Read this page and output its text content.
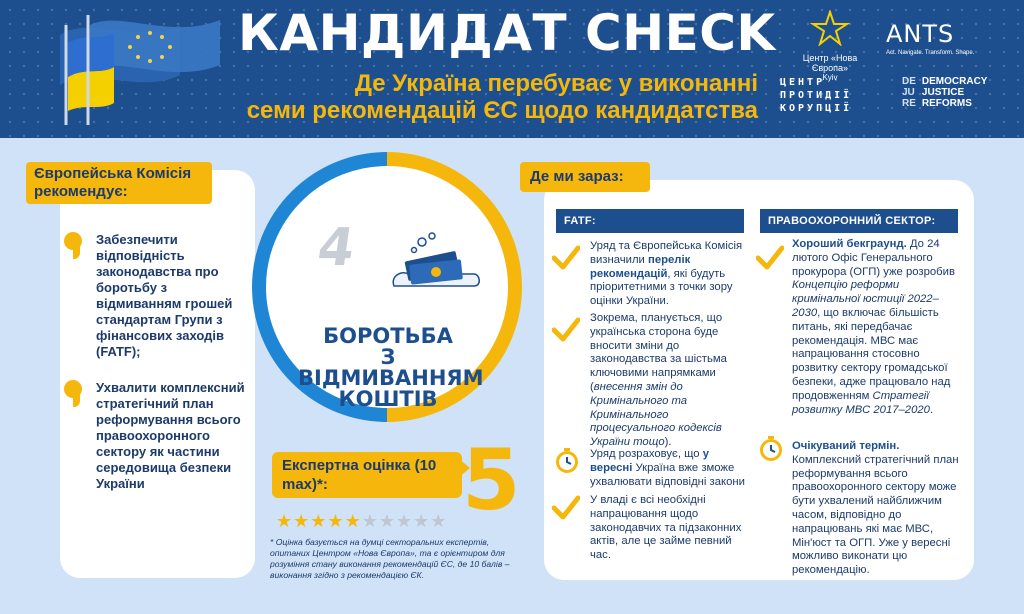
КАНДИДАТ CHECK
Де Україна перебуває у виконанні
семи рекомендацій ЄС щодо кандидатства
Центр «Нова Європа»
Kyiv
ANTS
Act. Navigate. Transform. Shape.
ЦЕНТР
ПРОТИДІЇ
КОРУПЦІЇ
DE
JU
RE
DEMOCRACY
JUSTICE
REFORMS
Європейська Комісія рекомендує:
Забезпечити відповідність законодавства про боротьбу з відмиванням грошей стандартам Групи з фінансових заходів (FATF);
Ухвалити комплексний стратегічний план реформування всього правоохоронного сектору як частини середовища безпеки України
4
БОРОТЬБА
З ВІДМИВАННЯМ
КОШТІВ
Експертна оцінка (10 max)*:	5
★ ★ ★ ★ ★ ★ ★ ★ ★ ★
* Оцінка базується на думці секторальних експертів, опитаних Центром «Нова Європа», та є орієнтиром для розуміння стану виконання рекомендацій ЄС, де 10 балів – виконання згідно з рекомендацією ЄК.
Де ми зараз:
FATF:	ПРАВООХОРОННИЙ СЕКТОР:
Уряд та Європейська Комісія визначили перелік рекомендацій, які будуть пріоритетними з точки зору оцінки України.
Зокрема, планується, що українська сторона буде вносити зміни до законодавства за шістьма ключовими напрямками (внесення змін до Кримінального та Кримінального процесуального кодексів України тощо).
Уряд розраховує, що у вересні Україна вже зможе ухвалювати відповідні закони
У владі є всі необхідні напрацювання щодо законодавчих та підзаконних актів, але це займе певний час.
Хороший бекграунд. До 24 лютого Офіс Генерального прокурора (ОГП) уже розробив Концепцію реформи кримінальної юстиції 2022–2030, що включає більшість питань, які передбачає рекомендація. МВС має напрацювання стосовно розвитку сектору громадської безпеки, адже працювало над продовженням Стратегії розвитку МВС 2017–2020.
Очікуваний термін. Комплексний стратегічний план реформування всього правоохоронного сектору може бути ухвалений найближчим часом, відповідно до напрацювань які має МВС, Мін'юст та ОГП. Уже у вересні можливо виконати цю рекомендацію.
